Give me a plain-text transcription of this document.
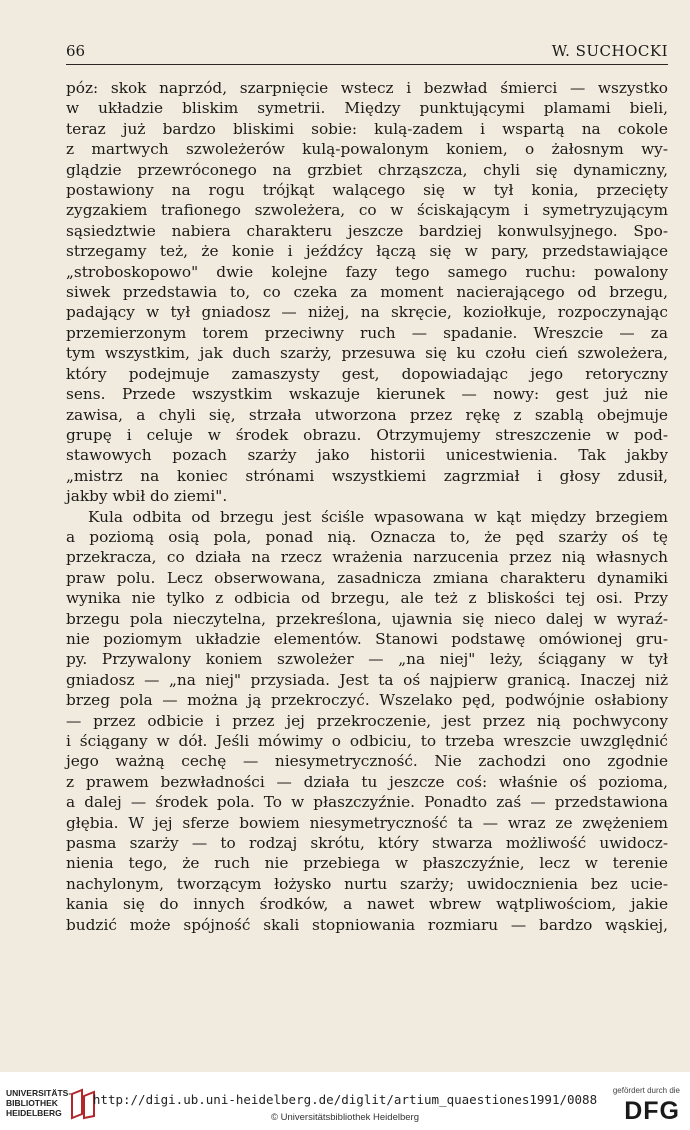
66	W. SUCHOCKI

póz: skok naprzód, szarpnięcie wstecz i bezwład śmierci — wszystko
w układzie bliskim symetrii. Między punktującymi plamami bieli,
teraz już bardzo bliskimi sobie: kulą-zadem i wspartą na cokole
z martwych szwoleżerów kulą-powalonym koniem, o żałosnym wy-
glądzie przewróconego na grzbiet chrząszcza, chyli się dynamiczny,
postawiony na rogu trójkąt walącego się w tył konia, przecięty
zygzakiem trafionego szwoleżera, co w ściskającym i symetryzującym
sąsiedztwie nabiera charakteru jeszcze bardziej konwulsyjnego. Spo-
strzegamy też, że konie i jeźdźcy łączą się w pary, przedstawiające
„stroboskopowo" dwie kolejne fazy tego samego ruchu: powalony
siwek przedstawia to, co czeka za moment nacierającego od brzegu,
padający w tył gniadosz — niżej, na skręcie, koziołkuje, rozpoczynając
przemierzonym torem przeciwny ruch — spadanie. Wreszcie — za
tym wszystkim, jak duch szarży, przesuwa się ku czołu cień szwoleżera,
który podejmuje zamaszysty gest, dopowiadając jego retoryczny
sens. Przede wszystkim wskazuje kierunek — nowy: gest już nie
zawisa, a chyli się, strzała utworzona przez rękę z szablą obejmuje
grupę i celuje w środek obrazu. Otrzymujemy streszczenie w pod-
stawowych pozach szarży jako historii unicestwienia. Tak jakby
„mistrz na koniec strónami wszystkiemi zagrzmiał i głosy zdusił,
jakby wbił do ziemi".

Kula odbita od brzegu jest ściśle wpasowana w kąt między brzegiem
a poziomą osią pola, ponad nią. Oznacza to, że pęd szarży oś tę
przekracza, co działa na rzecz wrażenia narzucenia przez nią własnych
praw polu. Lecz obserwowana, zasadnicza zmiana charakteru dynamiki
wynika nie tylko z odbicia od brzegu, ale też z bliskości tej osi. Przy
brzegu pola nieczytelna, przekreślona, ujawnia się nieco dalej w wyraź-
nie poziomym układzie elementów. Stanowi podstawę omówionej gru-
py. Przywalony koniem szwoleżer — „na niej" leży, ściągany w tył
gniadosz — „na niej" przysiada. Jest ta oś najpierw granicą. Inaczej niż
brzeg pola — można ją przekroczyć. Wszelako pęd, podwójnie osłabiony
— przez odbicie i przez jej przekroczenie, jest przez nią pochwycony
i ściągany w dół. Jeśli mówimy o odbiciu, to trzeba wreszcie uwzględnić
jego ważną cechę — niesymetryczność. Nie zachodzi ono zgodnie
z prawem bezwładności — działa tu jeszcze coś: właśnie oś pozioma,
a dalej — środek pola. To w płaszczyźnie. Ponadto zaś — przedstawiona
głębia. W jej sferze bowiem niesymetryczność ta — wraz ze zwężeniem
pasma szarży — to rodzaj skrótu, który stwarza możliwość uwidocz-
nienia tego, że ruch nie przebiega w płaszczyźnie, lecz w terenie
nachylonym, tworzącym łożysko nurtu szarży; uwidocznienia bez ucie-
kania się do innych środków, a nawet wbrew wątpliwościom, jakie
budzić może spójność skali stopniowania rozmiaru — bardzo wąskiej,

UNIVERSITÄTS-
BIBLIOTHEK
HEIDELBERG
http://digi.ub.uni-heidelberg.de/diglit/artium_quaestiones1991/0088
© Universitätsbibliothek Heidelberg
gefördert durch die
DFG
